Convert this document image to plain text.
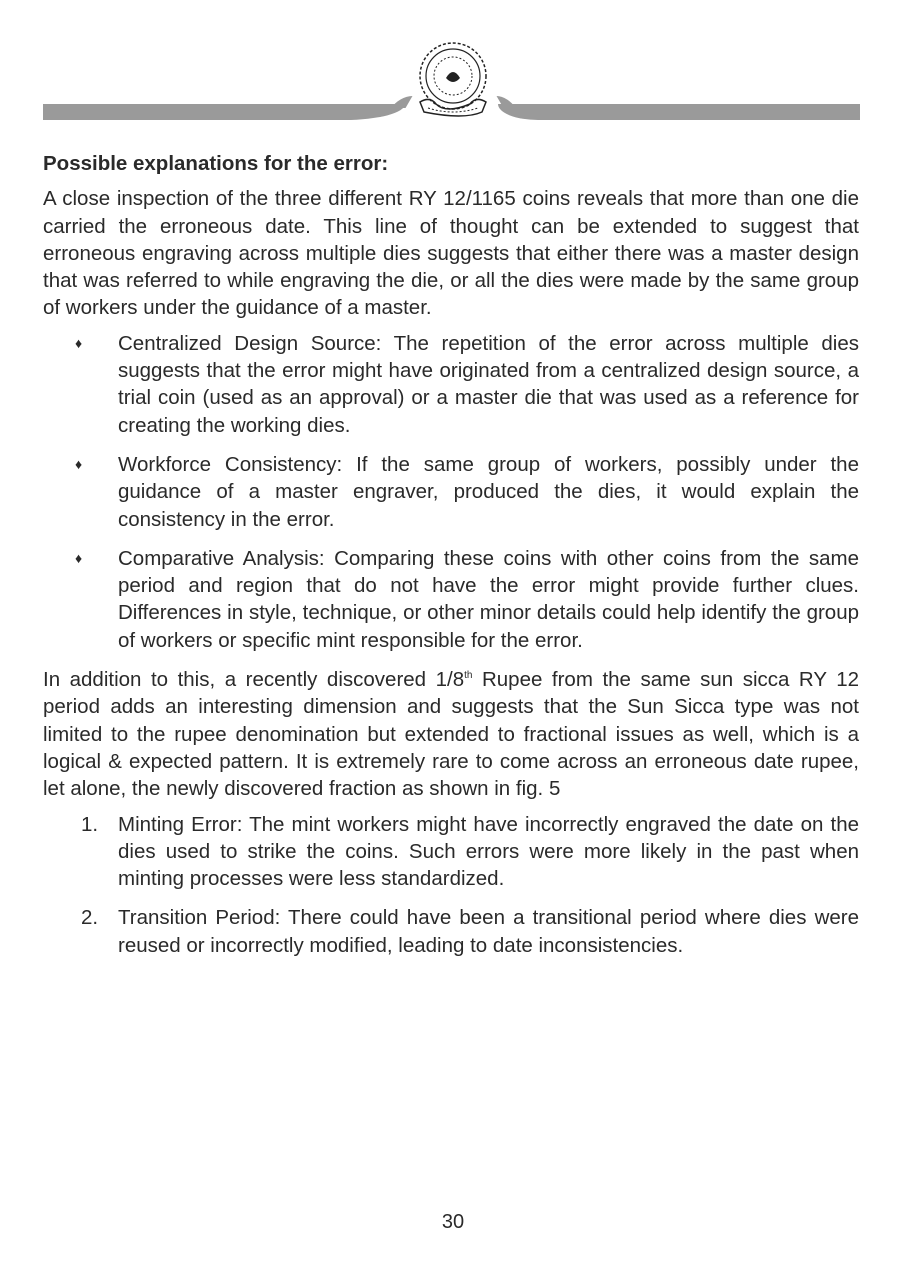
Possible explanations for the error:

A close inspection of the three different RY 12/1165 coins reveals that more than one die carried the erroneous date. This line of thought can be extended to suggest that erroneous engraving across multiple dies suggests that either there was a master design that was referred to while engraving the die, or all the dies were made by the same group of workers under the guidance of a master.

♦ Centralized Design Source: The repetition of the error across multiple dies suggests that the error might have originated from a centralized design source, a trial coin (used as an approval) or a master die that was used as a reference for creating the working dies.
♦ Workforce Consistency: If the same group of workers, possibly under the guidance of a master engraver, produced the dies, it would explain the consistency in the error.
♦ Comparative Analysis: Comparing these coins with other coins from the same period and region that do not have the error might provide further clues. Differences in style, technique, or other minor details could help identify the group of workers or specific mint responsible for the error.

In addition to this, a recently discovered 1/8th Rupee from the same sun sicca RY 12 period adds an interesting dimension and suggests that the Sun Sicca type was not limited to the rupee denomination but extended to fractional issues as well, which is a logical & expected pattern. It is extremely rare to come across an erroneous date rupee, let alone, the newly discovered fraction as shown in fig. 5

1. Minting Error: The mint workers might have incorrectly engraved the date on the dies used to strike the coins. Such errors were more likely in the past when minting processes were less standardized.
2. Transition Period: There could have been a transitional period where dies were reused or incorrectly modified, leading to date inconsistencies.
30
